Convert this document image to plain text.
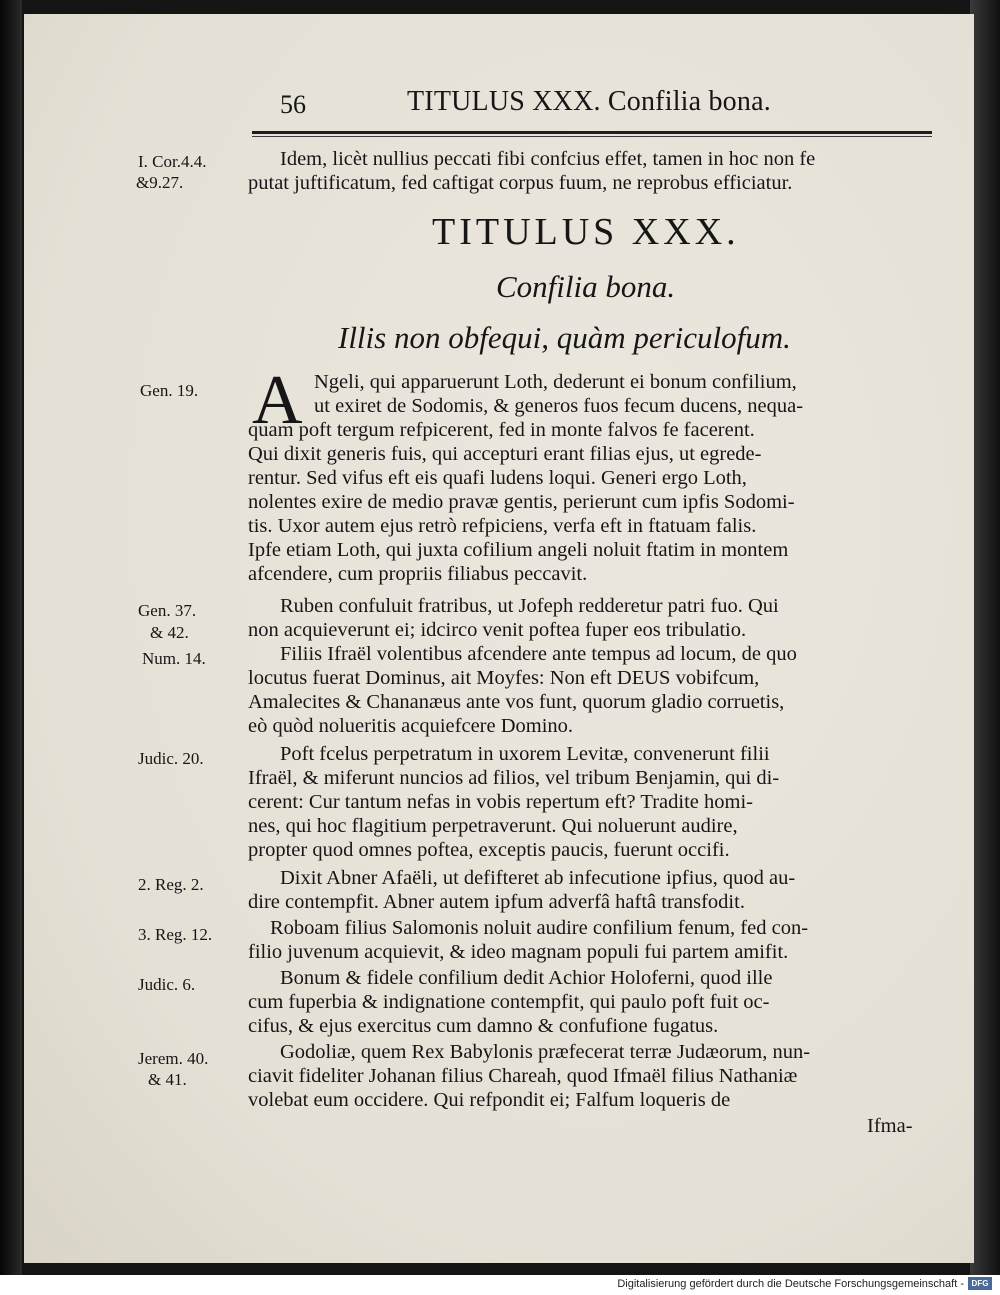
56	TITULUS XXX. Confilia bona.
I. Cor.4.4.
&9.27.
Idem, licèt nullius peccati fibi confcius effet, tamen in hoc non fe
putat juftificatum, fed caftigat corpus fuum, ne reprobus efficiatur.
TITULUS XXX.
Confilia bona.
Illis non obfequi, quàm periculofum.
Gen. 19. A Ngeli, qui apparuerunt Loth, dederunt ei bonum confilium,
ut exiret de Sodomis, & generos fuos fecum ducens, nequa-
quam poft tergum refpicerent, fed in monte falvos fe facerent.
Qui dixit generis fuis, qui accepturi erant filias ejus, ut egrede-
rentur. Sed vifus eft eis quafi ludens loqui. Generi ergo Loth,
nolentes exire de medio pravæ gentis, perierunt cum ipfis Sodomi-
tis. Uxor autem ejus retrò refpiciens, verfa eft in ftatuam falis.
Ipfe etiam Loth, qui juxta cofilium angeli noluit ftatim in montem
afcendere, cum propriis filiabus peccavit.
Gen. 37.
& 42.
Ruben confuluit fratribus, ut Jofeph redderetur patri fuo. Qui
non acquieverunt ei; idcirco venit poftea fuper eos tribulatio.
Num. 14.	Filiis Ifraël volentibus afcendere ante tempus ad locum, de quo
locutus fuerat Dominus, ait Moyfes: Non eft DEUS vobifcum,
Amalecites & Chananæus ante vos funt, quorum gladio corruetis,
eò quòd nolueritis acquiefcere Domino.
Judic. 20.	Poft fcelus perpetratum in uxorem Levitæ, convenerunt filii
Ifraël, & miferunt nuncios ad filios, vel tribum Benjamin, qui di-
cerent: Cur tantum nefas in vobis repertum eft? Tradite homi-
nes, qui hoc flagitium perpetraverunt. Qui noluerunt audire,
propter quod omnes poftea, exceptis paucis, fuerunt occifi.
2. Reg. 2.	Dixit Abner Afaëli, ut defifteret ab infecutione ipfius, quod au-
dire contempfit. Abner autem ipfum adverfâ haftâ transfodit.
3. Reg. 12.	Roboam filius Salomonis noluit audire confilium fenum, fed con-
filio juvenum acquievit, & ideo magnam populi fui partem amifit.
Judic. 6.	Bonum & fidele confilium dedit Achior Holoferni, quod ille
cum fuperbia & indignatione contempfit, qui paulo poft fuit oc-
cifus, & ejus exercitus cum damno & confufione fugatus.
Jerem. 40.
& 41.
Godoliæ, quem Rex Babylonis præfecerat terræ Judæorum, nun-
ciavit fideliter Johanan filius Chareah, quod Ifmaël filius Nathaniæ
volebat eum occidere. Qui refpondit ei; Falfum loqueris de
Ifma-
Digitalisierung gefördert durch die Deutsche Forschungsgemeinschaft - DFG
